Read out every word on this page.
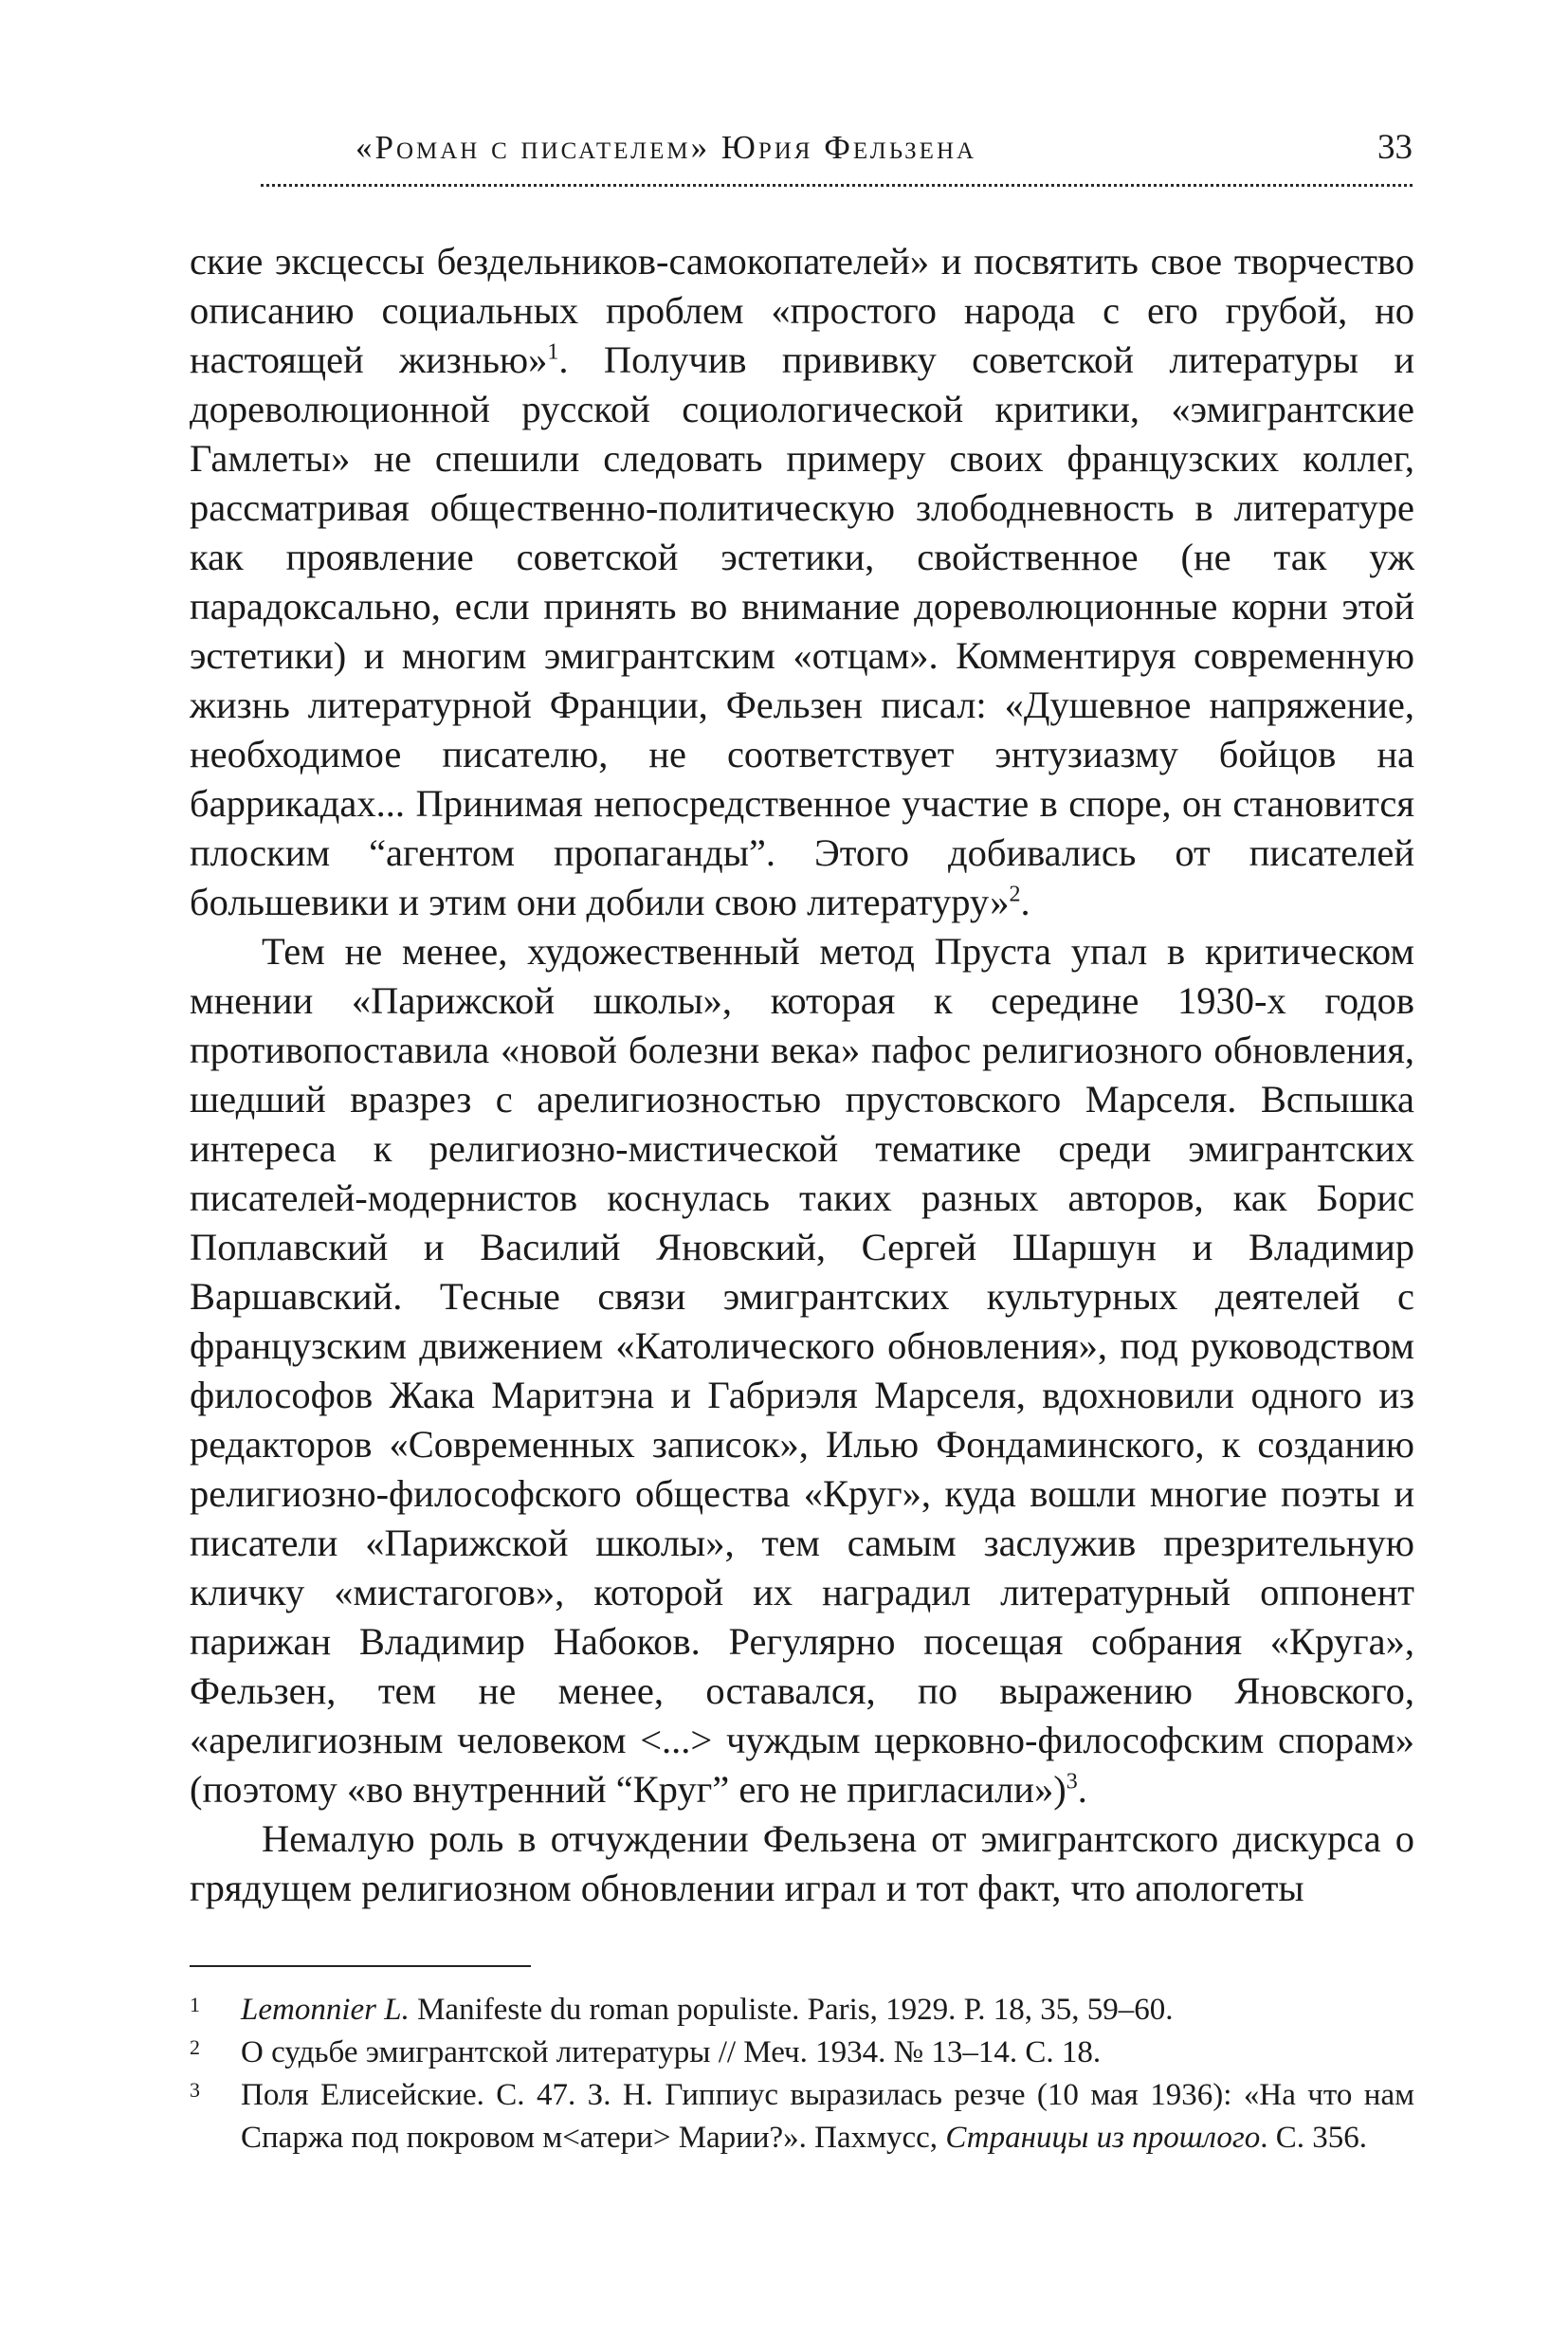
«Роман с писателем» Юрия Фельзена	33

ские эксцессы бездельников-самокопателей» и посвятить свое творчество описанию социальных проблем «простого народа с его грубой, но настоящей жизнью»$^1$. Получив прививку советской литературы и дореволюционной русской социологической критики, «эмигрантские Гамлеты» не спешили следовать примеру своих французских коллег, рассматривая общественно-политическую злободневность в литературе как проявление советской эстетики, свойственное (не так уж парадоксально, если принять во внимание дореволюционные корни этой эстетики) и многим эмигрантским «отцам». Комментируя современную жизнь литературной Франции, Фельзен писал: «Душевное напряжение, необходимое писателю, не соответствует энтузиазму бойцов на баррикадах... Принимая непосредственное участие в споре, он становится плоским “агентом пропаганды”. Этого добивались от писателей большевики и этим они добили свою литературу»$^2$.

Тем не менее, художественный метод Пруста упал в критическом мнении «Парижской школы», которая к середине 1930-х годов противопоставила «новой болезни века» пафос религиозного обновления, шедший вразрез с арелигиозностью прустовского Марселя. Вспышка интереса к религиозно-мистической тематике среди эмигрантских писателей-модернистов коснулась таких разных авторов, как Борис Поплавский и Василий Яновский, Сергей Шаршун и Владимир Варшавский. Тесные связи эмигрантских культурных деятелей с французским движением «Католического обновления», под руководством философов Жака Маритэна и Габриэля Марселя, вдохновили одного из редакторов «Современных записок», Илью Фондаминского, к созданию религиозно-философского общества «Круг», куда вошли многие поэты и писатели «Парижской школы», тем самым заслужив презрительную кличку «мистагогов», которой их наградил литературный оппонент парижан Владимир Набоков. Регулярно посещая собрания «Круга», Фельзен, тем не менее, оставался, по выражению Яновского, «арелигиозным человеком <...> чуждым церковно-философским спорам» (поэтому «во внутренний “Круг” его не пригласили»)$^3$.

Немалую роль в отчуждении Фельзена от эмигрантского дискурса о грядущем религиозном обновлении играл и тот факт, что апологеты

1 Lemonnier L. Manifeste du roman populiste. Paris, 1929. P. 18, 35, 59–60.
2 О судьбе эмигрантской литературы // Меч. 1934. № 13–14. С. 18.
3 Поля Елисейские. С. 47. З. Н. Гиппиус выразилась резче (10 мая 1936): «На что нам Спаржа под покровом м<атери> Марии?». Пахмусс, Страницы из прошлого. С. 356.
